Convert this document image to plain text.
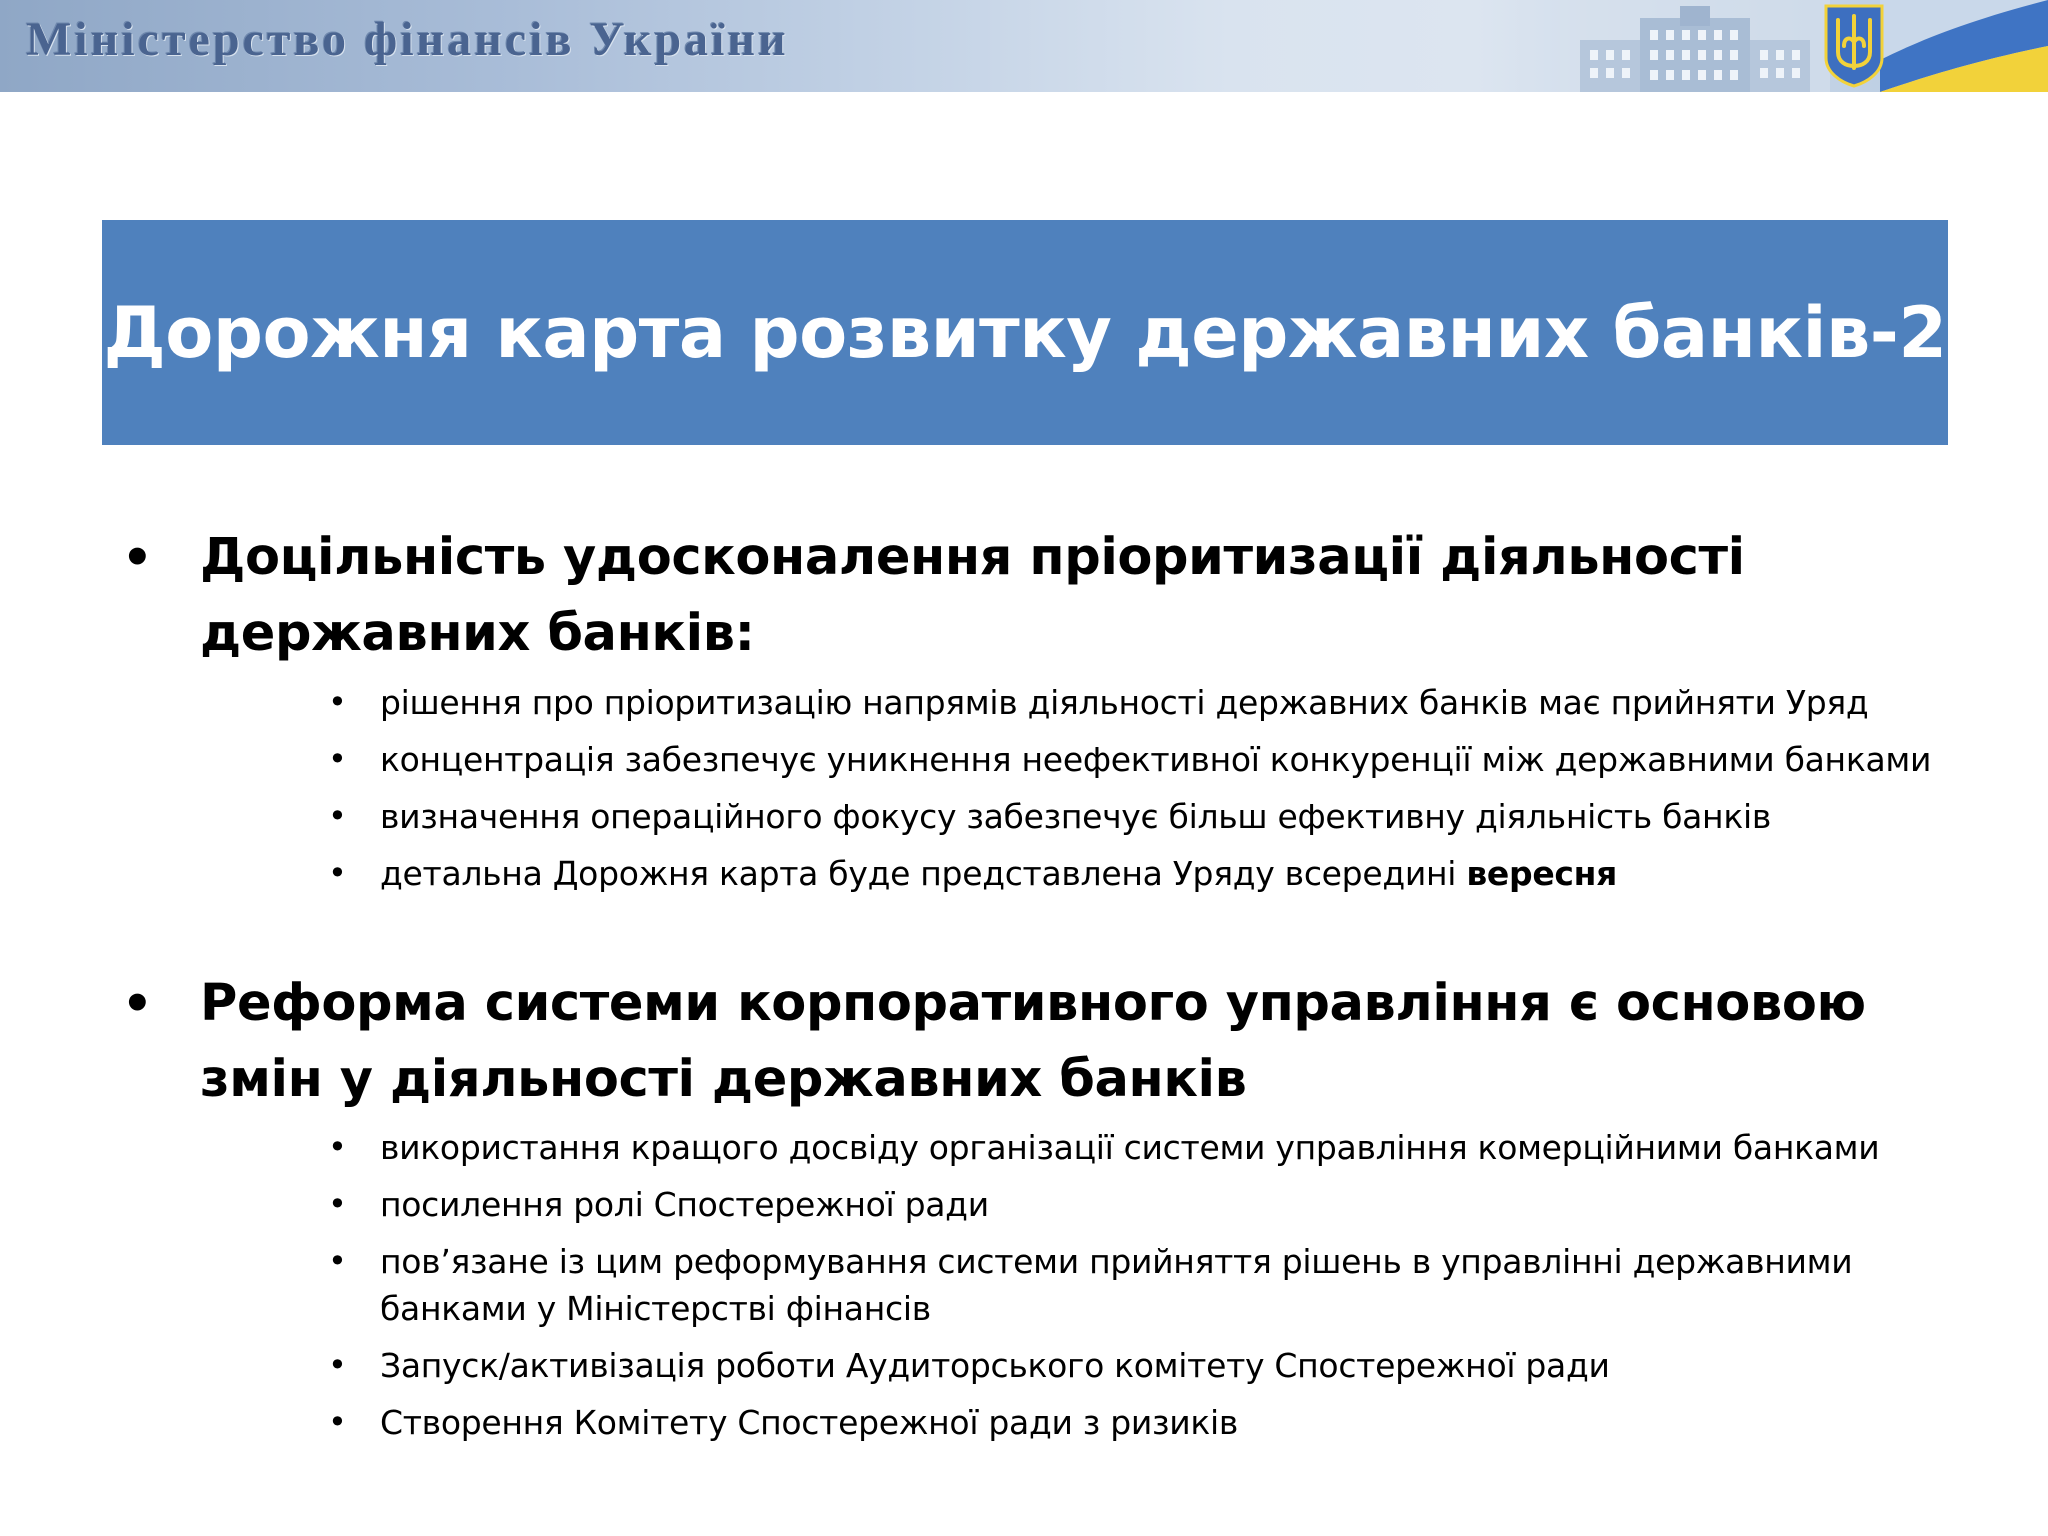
Міністерство фінансів України
Дорожня карта розвитку державних банків-2
• Доцільність удосконалення пріоритизації діяльності державних банків:
• рішення про пріоритизацію напрямів діяльності державних банків має прийняти Уряд
• концентрація забезпечує уникнення неефективної конкуренції між державними банками
• визначення операційного фокусу забезпечує більш ефективну діяльність банків
• детальна Дорожня карта буде представлена Уряду всередині вересня
• Реформа системи корпоративного управління є основою змін у діяльності державних банків
• використання кращого досвіду організації системи управління комерційними банками
• посилення ролі Спостережної ради
• пов’язане із цим реформування системи прийняття рішень в управлінні державними банками у Міністерстві фінансів
• Запуск/активізація роботи Аудиторського комітету Спостережної ради
• Створення Комітету Спостережної ради з ризиків
